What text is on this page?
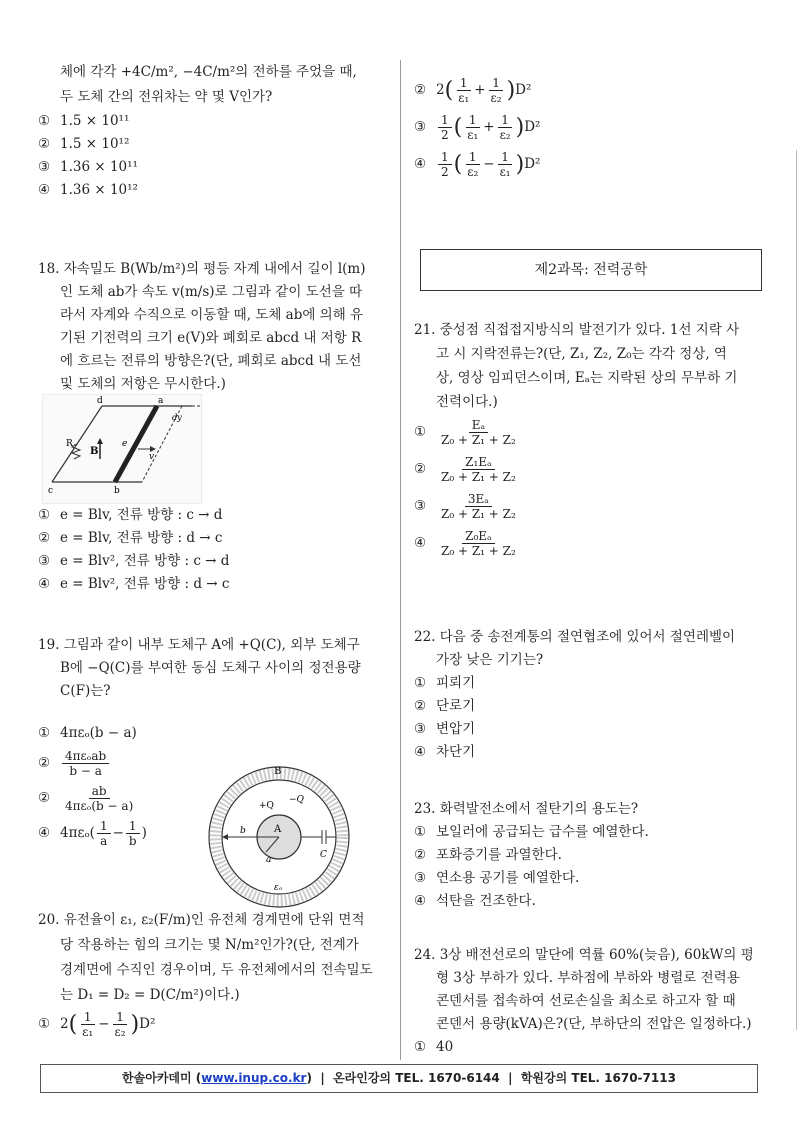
체에 각각 +4C/m², −4C/m²의 전하를 주었을 때,
두 도체 간의 전위차는 약 몇 V인가?
① 1.5 × 10¹¹
② 1.5 × 10¹²
③ 1.36 × 10¹¹
④ 1.36 × 10¹²
18. 자속밀도 B(Wb/m²)의 평등 자계 내에서 길이 l(m)
인 도체 ab가 속도 v(m/s)로 그림과 같이 도선을 따
라서 자계와 수직으로 이동할 때, 도체 ab에 의해 유
기된 기전력의 크기 e(V)와 폐회로 abcd 내 저항 R
에 흐르는 전류의 방향은?(단, 폐회로 abcd 내 도선
및 도체의 저항은 무시한다.)
d	a
c	b
R
B
e
v
dy
① e = Blv, 전류 방향 : c → d
② e = Blv, 전류 방향 : d → c
③ e = Blv², 전류 방향 : c → d
④ e = Blv², 전류 방향 : d → c
19. 그림과 같이 내부 도체구 A에 +Q(C), 외부 도체구
B에 −Q(C)를 부여한 동심 도체구 사이의 정전용량
C(F)는?
① 4πεₒ(b − a)
② $\frac{\text{4πεₒab}}{b - a}$
② $\frac{ab}{\text{4πεₒ(b − a)}}$
④ $4\pi\varepsilon_o( \frac{1}{a} - \frac{1}{b}$ )
B
A
+Q
−Q
b
a	C
εₒ
20. 유전율이 ε₁, ε₂(F/m)인 유전체 경계면에 단위 면적
당 작용하는 힘의 크기는 몇 N/m²인가?(단, 전계가
경계면에 수직인 경우이며, 두 유전체에서의 전속밀도
는 D₁ = D₂ = D(C/m²)이다.)
① $2( \frac{1}{\text{ε₁}} - \frac{1}{\text{ε₂}} )D^2$
② $2( \frac{1}{\text{ε₁}} + \frac{1}{\text{ε₂}} )D^2$
③ $\frac{1}{2}$ ( $\frac{1}{\text{ε₁}} + \frac{1}{\text{ε₂}} )D^2$
④ $\frac{1}{2}$ ( $\frac{1}{\text{ε₂}} - \frac{1}{\text{ε₁}} )D^2$
제2과목: 전력공학
21. 중성점 직접접지방식의 발전기가 있다. 1선 지락 사
고 시 지락전류는?(단, Z₁, Z₂, Z₀는 각각 정상, 역
상, 영상 임피던스이며, Eₐ는 지락된 상의 무부하 기
전력이다.)
① $\frac{\text{Eₐ}}{\text{Z₀ + Z₁ + Z₂}}$
② $\frac{\text{Z₁Eₐ}}{\text{Z₀ + Z₁ + Z₂}}$
③ $\frac{\text{3Eₐ}}{\text{Z₀ + Z₁ + Z₂}}$
④ $\frac{\text{Z₀Eₐ}}{\text{Z₀ + Z₁ + Z₂}}$
22. 다음 중 송전계통의 절연협조에 있어서 절연레벨이
가장 낮은 기기는?
① 피뢰기
② 단로기
③ 변압기
④ 차단기
23. 화력발전소에서 절탄기의 용도는?
① 보일러에 공급되는 급수를 예열한다.
② 포화증기를 과열한다.
③ 연소용 공기를 예열한다.
④ 석탄을 건조한다.
24. 3상 배전선로의 말단에 역률 60%(늦음), 60kW의 평
형 3상 부하가 있다. 부하점에 부하와 병렬로 전력용
콘덴서를 접속하여 선로손실을 최소로 하고자 할 때
콘덴서 용량(kVA)은?(단, 부하단의 전압은 일정하다.)
① 40
한솔아카데미 (www.inup.co.kr)  |  온라인강의 TEL. 1670-6144  |  학원강의 TEL. 1670-7113
